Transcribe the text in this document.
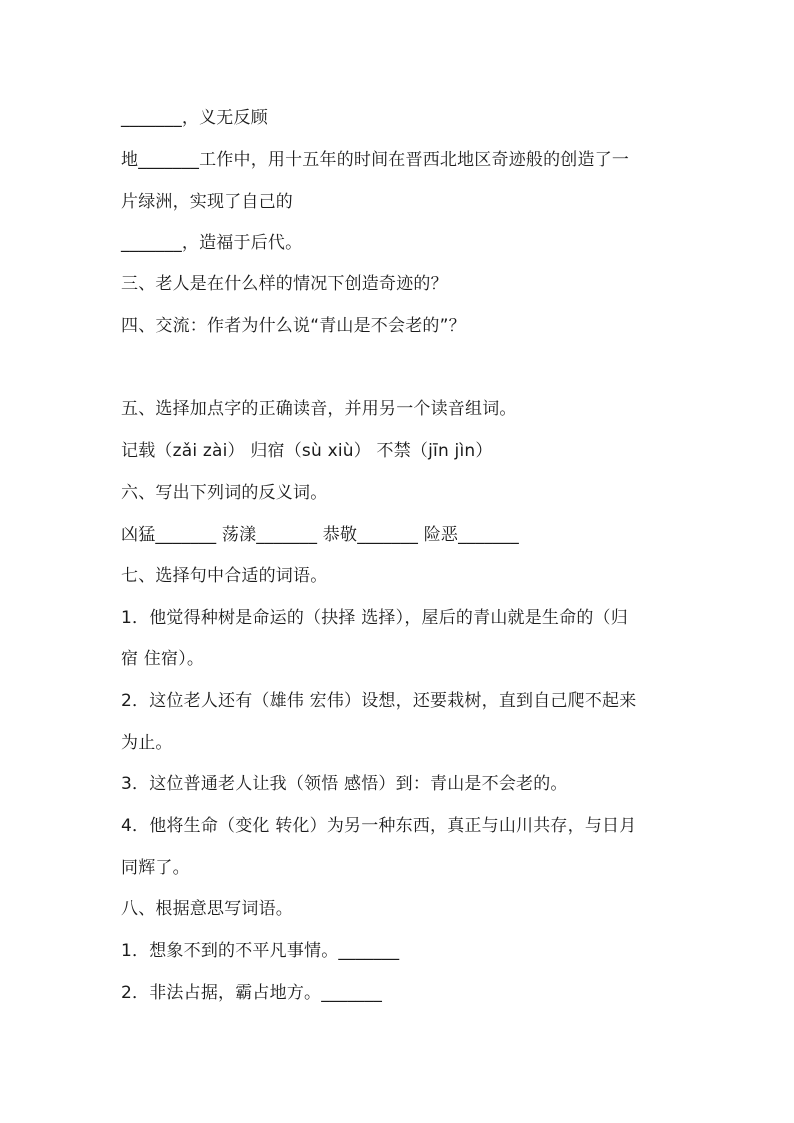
_______，义无反顾
地_______工作中，用十五年的时间在晋西北地区奇迹般的创造了一
片绿洲，实现了自己的
_______，造福于后代。
三、老人是在什么样的情况下创造奇迹的？
四、交流：作者为什么说“青山是不会老的”？
五、选择加点字的正确读音，并用另一个读音组词。
记载（zǎi zài） 归宿（sù xiù） 不禁（jīn jìn）
六、写出下列词的反义词。
凶猛_______ 荡漾_______ 恭敬_______ 险恶_______
七、选择句中合适的词语。
1．他觉得种树是命运的（抉择 选择），屋后的青山就是生命的（归
宿 住宿）。
2．这位老人还有（雄伟 宏伟）设想，还要栽树，直到自己爬不起来
为止。
3．这位普通老人让我（领悟 感悟）到：青山是不会老的。
4．他将生命（变化 转化）为另一种东西，真正与山川共存，与日月
同辉了。
八、根据意思写词语。
1．想象不到的不平凡事情。_______
2．非法占据，霸占地方。_______
